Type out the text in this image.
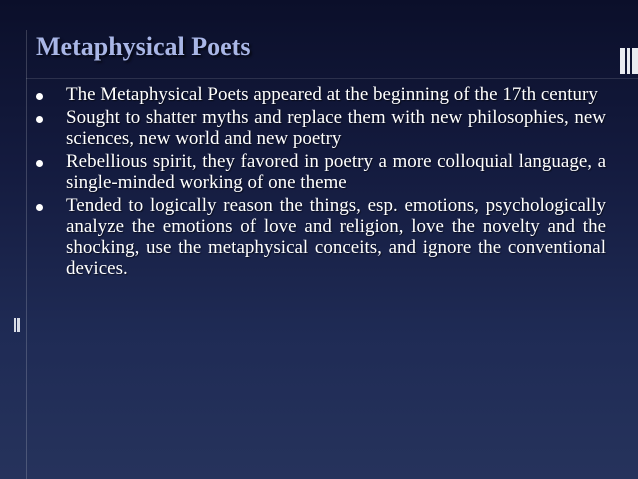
Metaphysical Poets
The Metaphysical Poets appeared at the beginning of the 17th century
Sought to shatter myths and replace them with new philosophies, new sciences, new world and new poetry
Rebellious spirit, they favored in poetry a more colloquial language, a single-minded working of one theme
Tended to logically reason the things, esp. emotions, psychologically analyze the emotions of love and religion, love the novelty and the shocking, use the metaphysical conceits, and ignore the conventional devices.
